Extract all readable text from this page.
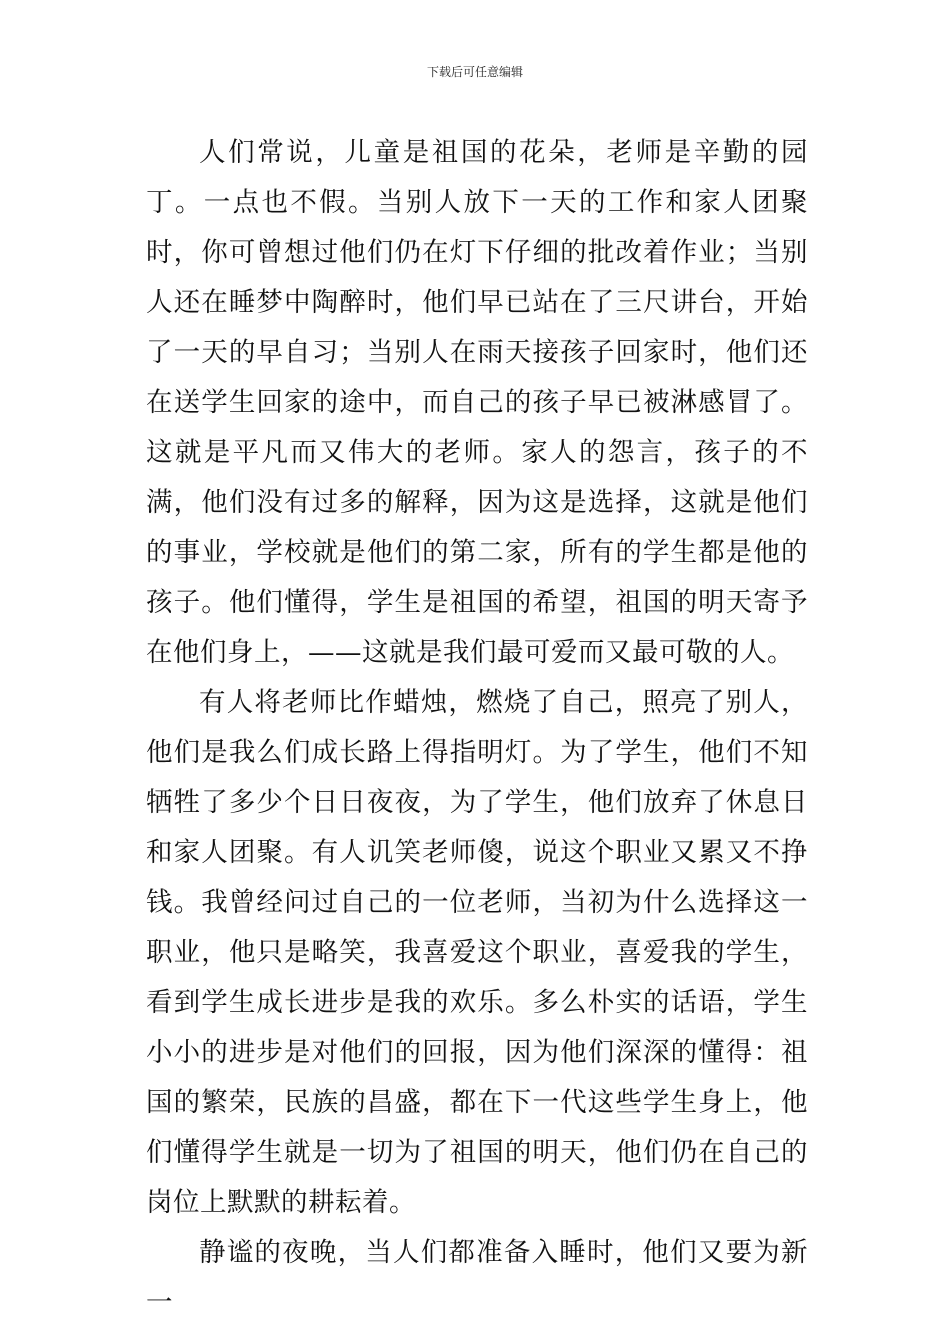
下载后可任意编辑

人们常说，儿童是祖国的花朵，老师是辛勤的园丁。一点也不假。当别人放下一天的工作和家人团聚时，你可曾想过他们仍在灯下仔细的批改着作业；当别人还在睡梦中陶醉时，他们早已站在了三尺讲台，开始了一天的早自习；当别人在雨天接孩子回家时，他们还在送学生回家的途中，而自己的孩子早已被淋感冒了。这就是平凡而又伟大的老师。家人的怨言，孩子的不满，他们没有过多的解释，因为这是选择，这就是他们的事业，学校就是他们的第二家，所有的学生都是他的孩子。他们懂得，学生是祖国的希望，祖国的明天寄予在他们身上，——这就是我们最可爱而又最可敬的人。

有人将老师比作蜡烛，燃烧了自己，照亮了别人，他们是我么们成长路上得指明灯。为了学生，他们不知牺牲了多少个日日夜夜，为了学生，他们放弃了休息日和家人团聚。有人讥笑老师傻，说这个职业又累又不挣钱。我曾经问过自己的一位老师，当初为什么选择这一职业，他只是略笑，我喜爱这个职业，喜爱我的学生，看到学生成长进步是我的欢乐。多么朴实的话语，学生小小的进步是对他们的回报，因为他们深深的懂得：祖国的繁荣，民族的昌盛，都在下一代这些学生身上，他们懂得学生就是一切为了祖国的明天，他们仍在自己的岗位上默默的耕耘着。

静谧的夜晚，当人们都准备入睡时，他们又要为新一
